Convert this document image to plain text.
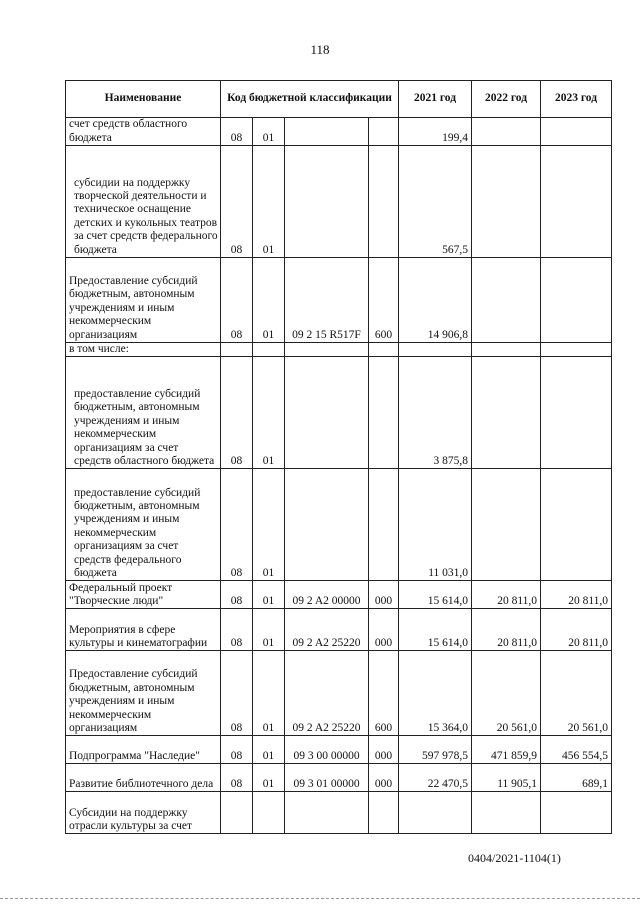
118
Наименование	Код бюджетной классификации				2021 год	2022 год	2023 год
счет средств областного бюджета	08	01			199,4		
субсидии на поддержку творческой деятельности и техническое оснащение детских и кукольных театров за счет средств федерального бюджета	08	01			567,5		
Предоставление субсидий бюджетным, автономным учреждениям и иным некоммерческим организациям	08	01	09 2 15 R517F	600	14 906,8		
в том числе:							
предоставление субсидий бюджетным, автономным учреждениям и иным некоммерческим организациям за счет средств областного бюджета	08	01			3 875,8		
предоставление субсидий бюджетным, автономным учреждениям и иным некоммерческим организациям за счет средств федерального бюджета	08	01			11 031,0		
Федеральный проект "Творческие люди"	08	01	09 2 A2 00000	000	15 614,0	20 811,0	20 811,0
Мероприятия в сфере культуры и кинематографии	08	01	09 2 A2 25220	000	15 614,0	20 811,0	20 811,0
Предоставление субсидий бюджетным, автономным учреждениям и иным некоммерческим организациям	08	01	09 2 A2 25220	600	15 364,0	20 561,0	20 561,0
Подпрограмма "Наследие"	08	01	09 3 00 00000	000	597 978,5	471 859,9	456 554,5
Развитие библиотечного дела	08	01	09 3 01 00000	000	22 470,5	11 905,1	689,1
Субсидии на поддержку отрасли культуры за счет							
0404/2021-1104(1)
